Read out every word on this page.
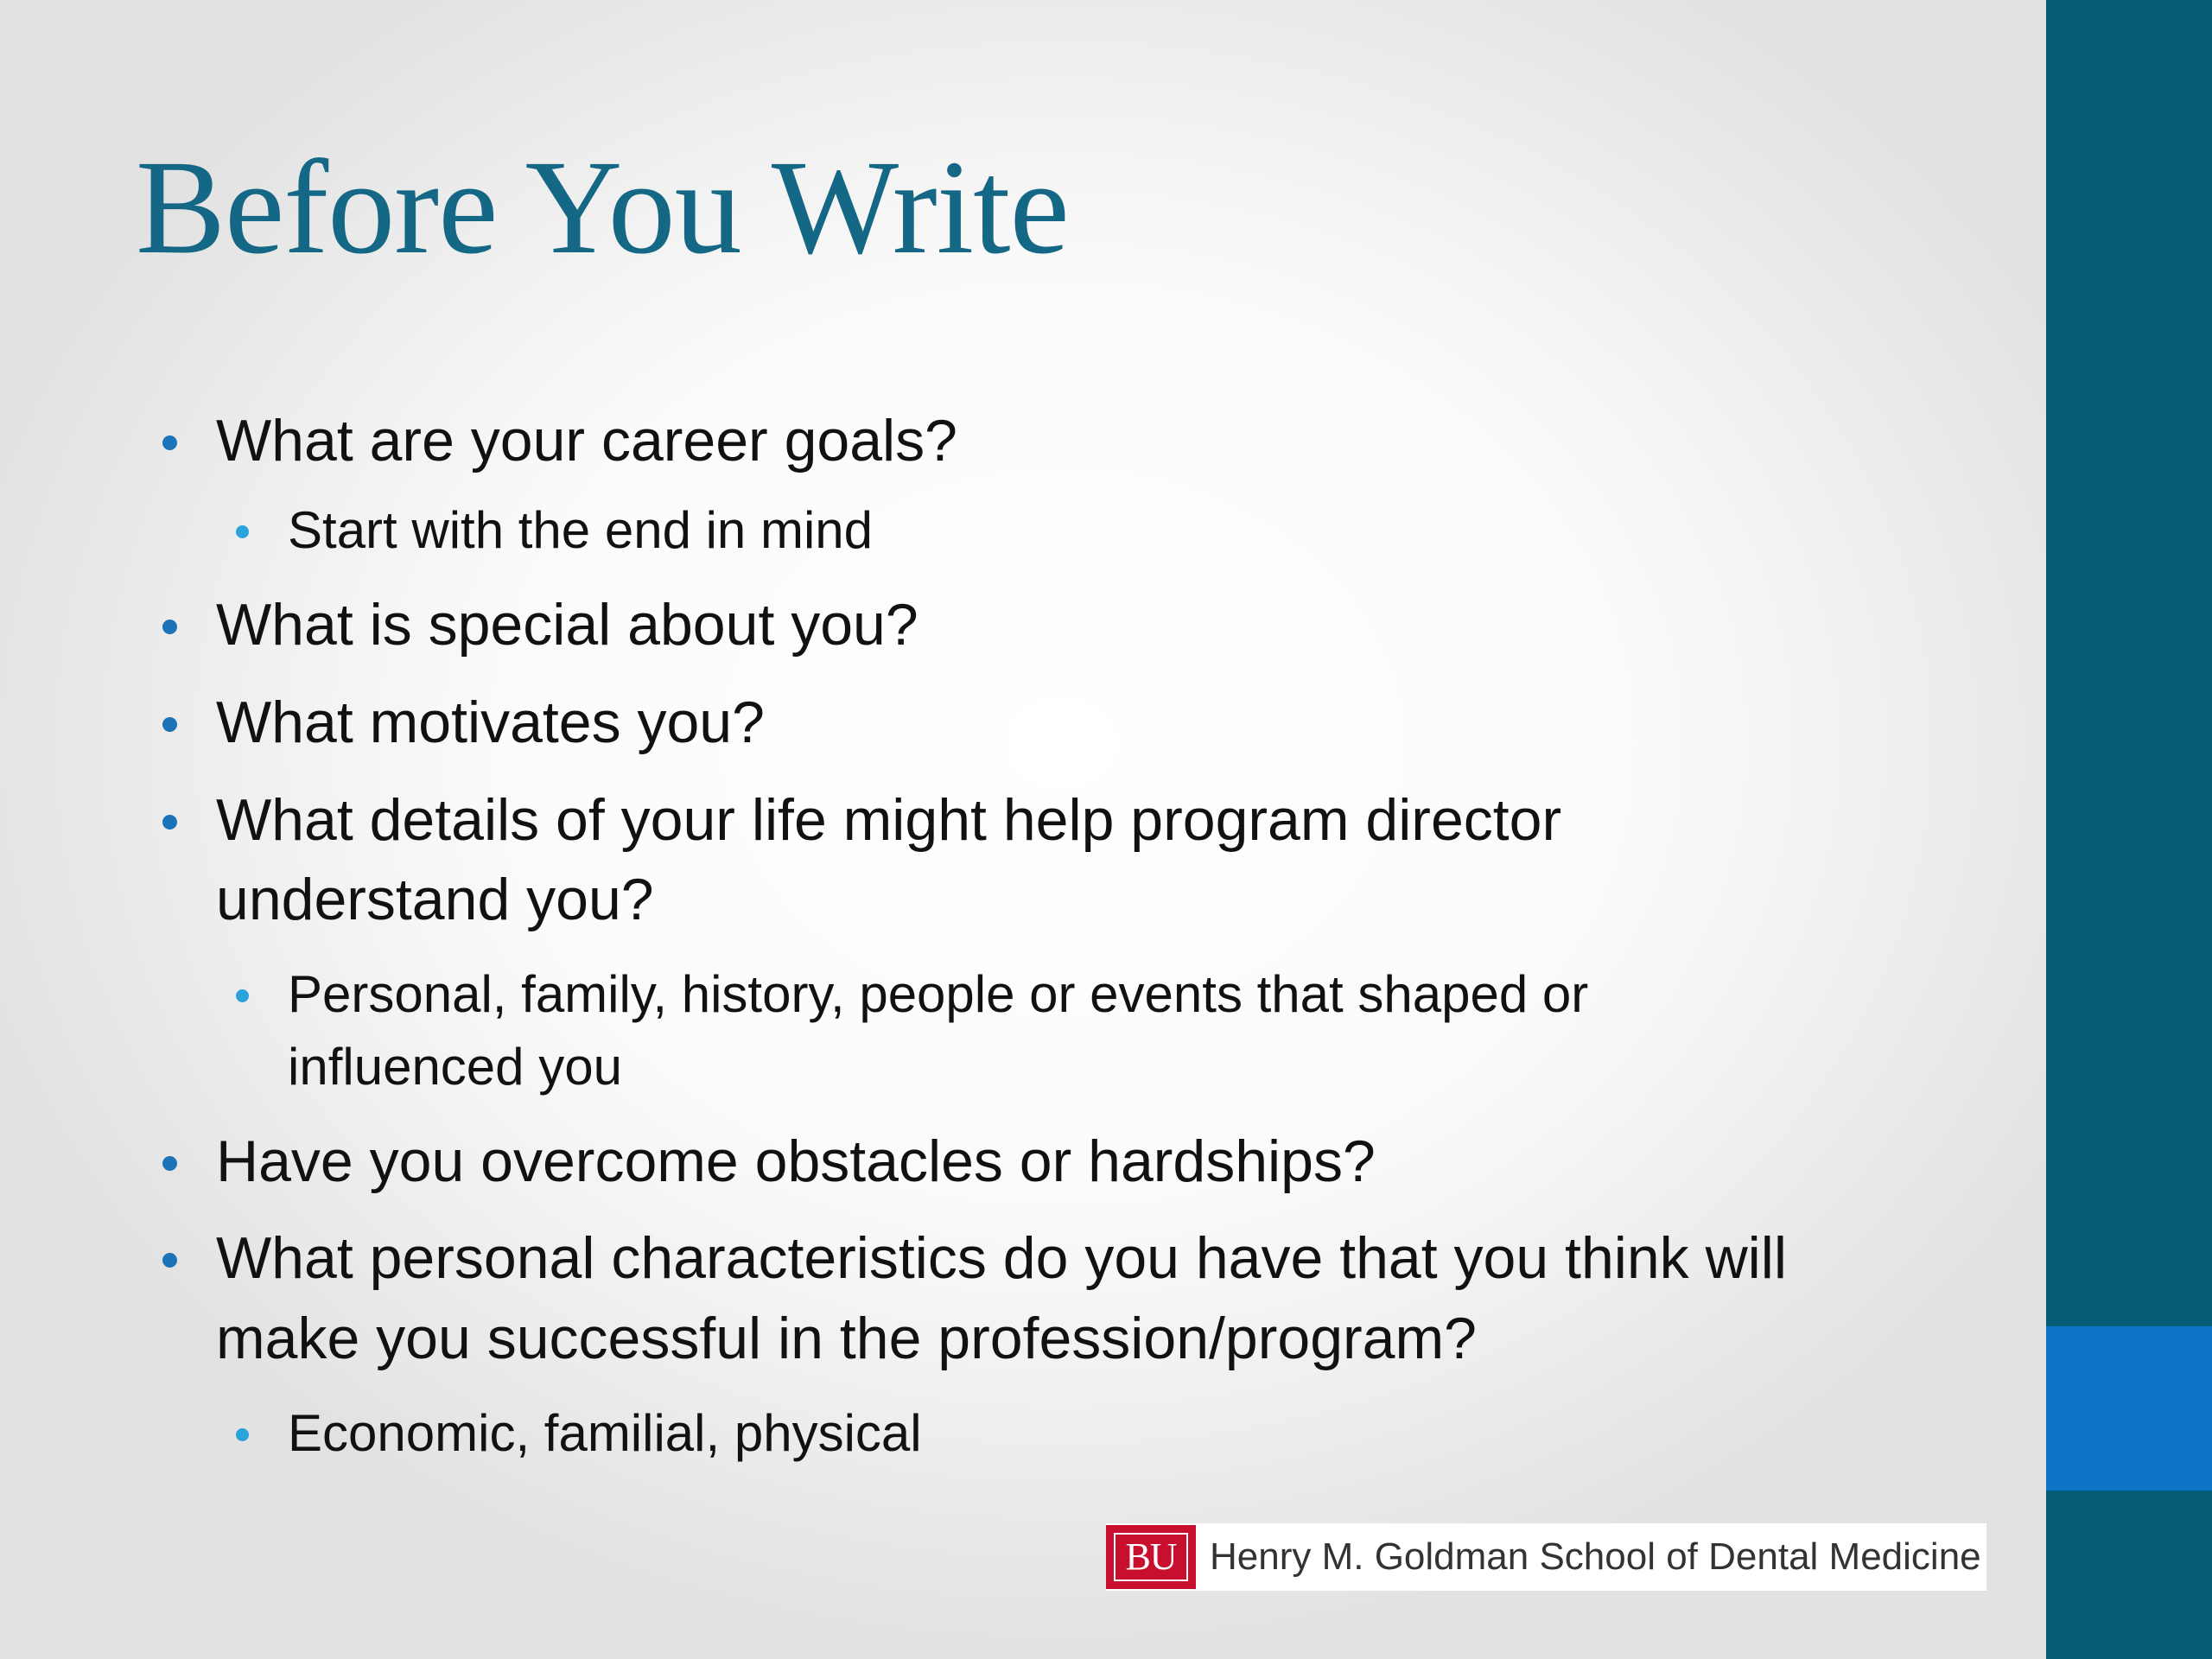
Before You Write
What are your career goals?
Start with the end in mind
What is special about you?
What motivates you?
What details of your life might help program director
understand you?
Personal, family, history, people or events that shaped or
influenced you
Have you overcome obstacles or hardships?
What personal characteristics do you have that you think will
make you successful in the profession/program?
Economic, familial, physical
BU Henry M. Goldman School of Dental Medicine
